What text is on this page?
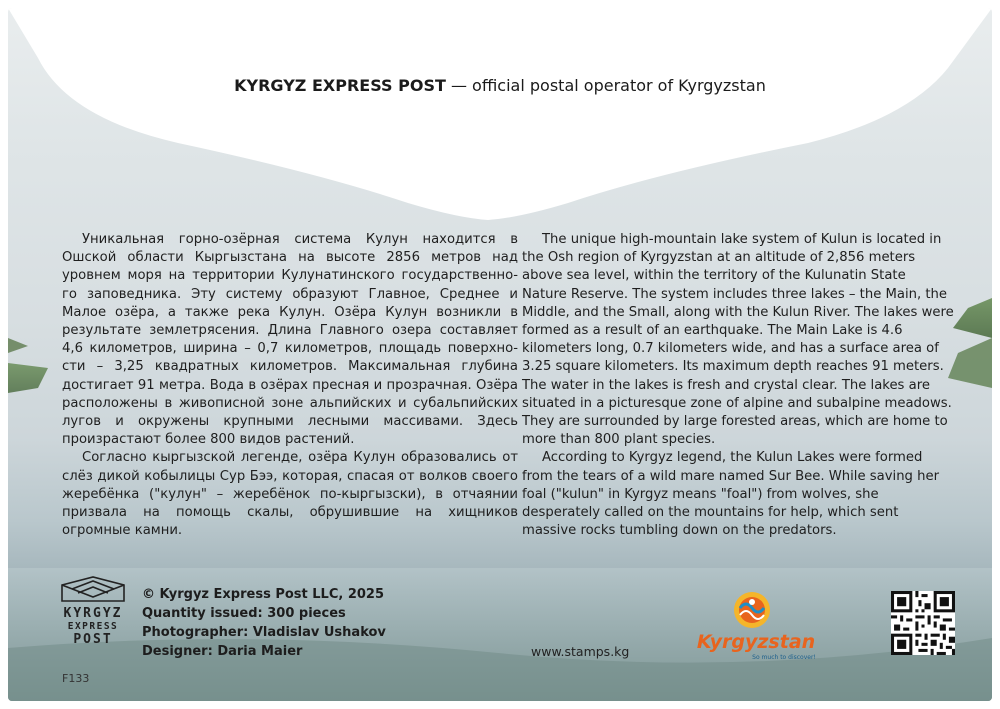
KYRGYZ EXPRESS POST — official postal operator of Kyrgyzstan

Уникальная горно-озёрная система Кулун находится в Ошской области Кыргызстана на высоте 2856 метров над уровнем моря на территории Кулунатинского государственно-го заповедника. Эту систему образуют Главное, Среднее и Малое озёра, а также река Кулун. Озёра Кулун возникли в результате землетрясения. Длина Главного озера составляет 4,6 километров, ширина – 0,7 километров, площадь поверхно-сти – 3,25 квадратных километров. Максимальная глубина достигает 91 метра. Вода в озёрах пресная и прозрачная. Озёра расположены в живописной зоне альпийских и субальпийских лугов и окружены крупными лесными массивами. Здесь произрастают более 800 видов растений.

Согласно кыргызской легенде, озёра Кулун образовались от слёз дикой кобылицы Сур Бээ, которая, спасая от волков своего жеребёнка ("кулун" – жеребёнок по-кыргызски), в отчаянии призвала на помощь скалы, обрушившие на хищников огромные камни.

The unique high-mountain lake system of Kulun is located in the Osh region of Kyrgyzstan at an altitude of 2,856 meters above sea level, within the territory of the Kulunatin State Nature Reserve. The system includes three lakes – the Main, the Middle, and the Small, along with the Kulun River. The lakes were formed as a result of an earthquake. The Main Lake is 4.6 kilometers long, 0.7 kilometers wide, and has a surface area of 3.25 square kilometers. Its maximum depth reaches 91 meters. The water in the lakes is fresh and crystal clear. The lakes are situated in a picturesque zone of alpine and subalpine meadows. They are surrounded by large forested areas, which are home to more than 800 plant species.

According to Kyrgyz legend, the Kulun Lakes were formed from the tears of a wild mare named Sur Bee. While saving her foal ("kulun" in Kyrgyz means "foal") from wolves, she desperately called on the mountains for help, which sent massive rocks tumbling down on the predators.

KYRGYZ
EXPRESS
POST
© Kyrgyz Express Post LLC, 2025
Quantity issued: 300 pieces
Photographer: Vladislav Ushakov
Designer: Daria Maier
F133
www.stamps.kg	Kyrgyzstan
So much to discover!
